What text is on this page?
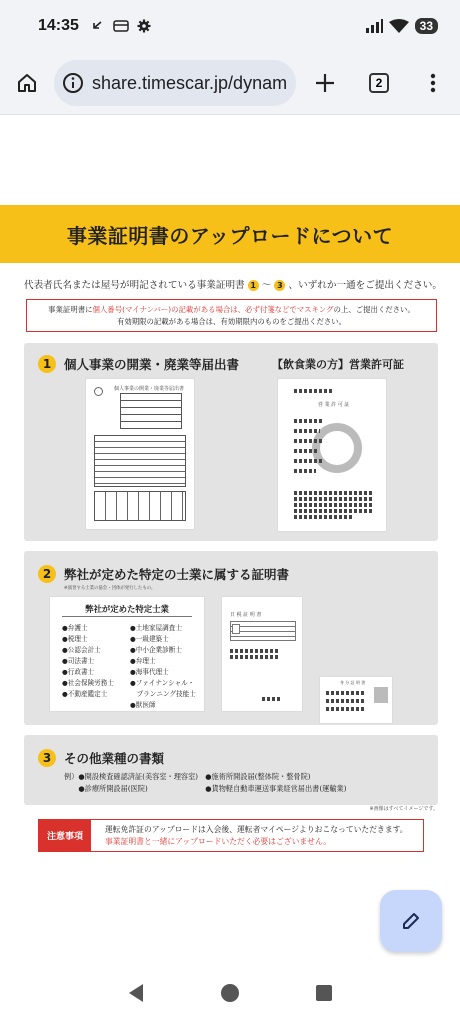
14:35	33
share.timescar.jp/dynam	2
事業証明書のアップロードについて
代表者氏名または屋号が明記されている事業証明書 1 〜 3 、いずれか一通をご提出ください。
事業証明書に個人番号(マイナンバー)の記載がある場合は、必ず付箋などでマスキングの上、ご提出ください。
有効期限の記載がある場合は、有効期限内のものをご提出ください。
1	個人事業の開業・廃業等届出書	【飲食業の方】営業許可証
個人事業の開業・廃業等届出書
営 業 許 可 証
2	弊社が定めた特定の士業に属する証明書
※演習する士業の協会・団体が発行したもの。
弊社が定めた特定士業
●弁護士
●税理士
●公認会計士
●司法書士
●行政書士
●社会保険労務士
●不動産鑑定士
●土地家屋調査士
●一級建築士
●中小企業診断士
●弁理士
●海事代理士
●ファイナンシャル・
　プランニング技能士
●獣医師
日 税 証 明 書
身 分 証 明 書
3	その他業種の書類
例）●開設検査確認済証(美容室・理容室)　●施術所開設届(整体院・整骨院)
　　●診療所開設届(医院)　　　　　　　　●貨物軽自動車運送事業経営届出書(運輸業)
※画像はすべてイメージです。
注意事項
運転免許証のアップロードは入会後、運転者マイページよりおこなっていただきます。
事業証明書と一緒にアップロードいただく必要はございません。
